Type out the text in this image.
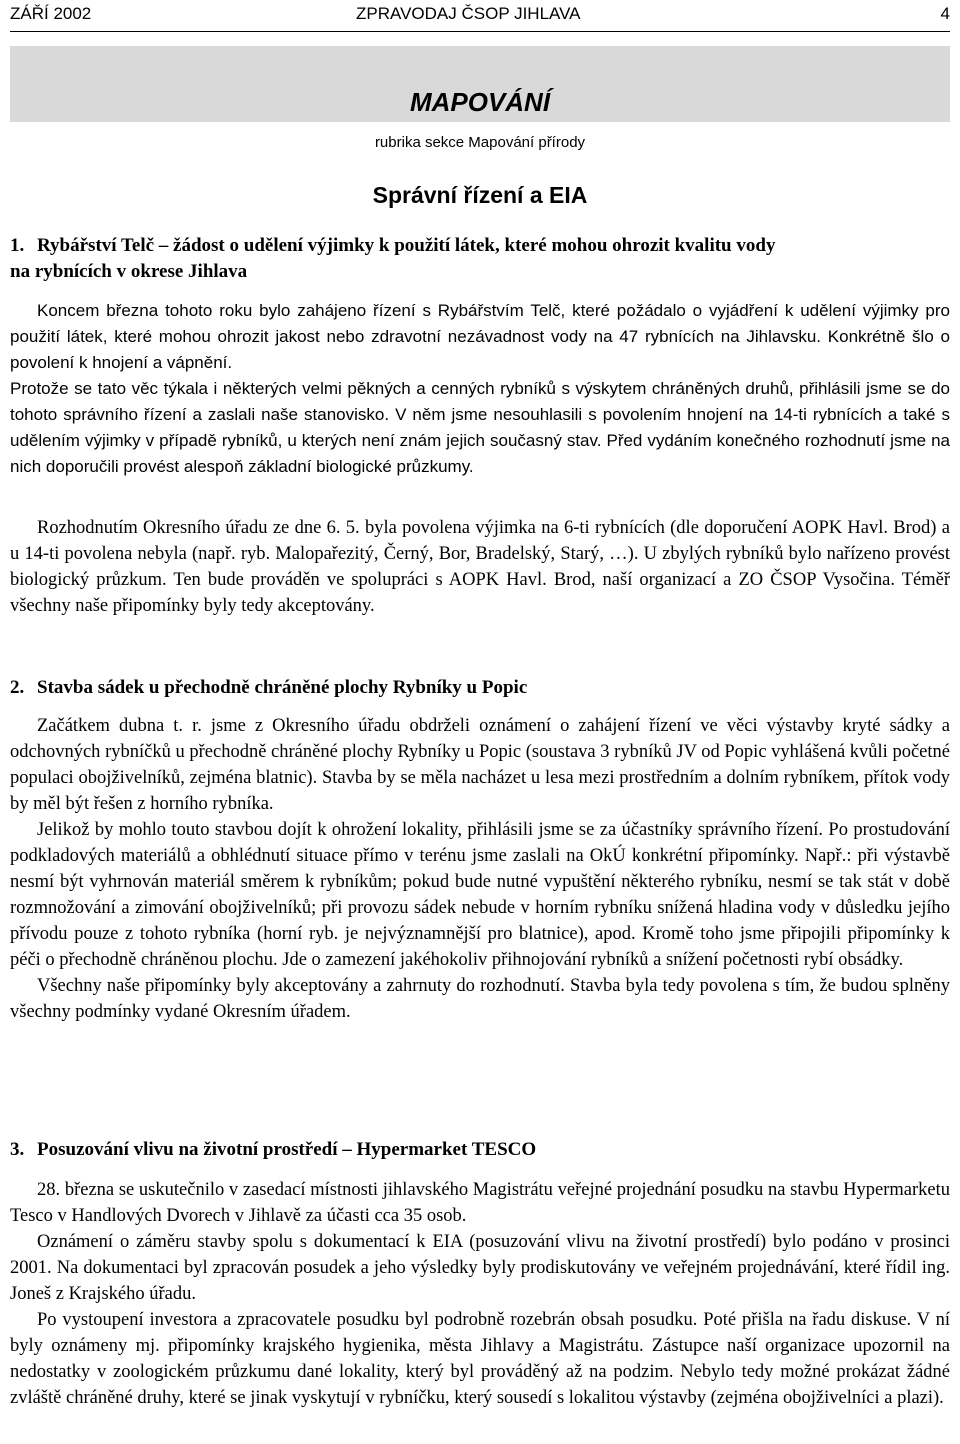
ZÁŘÍ 2002	ZPRAVODAJ ČSOP JIHLAVA	4
MAPOVÁNÍ
rubrika sekce Mapování přírody
Správní řízení a EIA
1. Rybářství Telč – žádost o udělení výjimky k použití látek, které mohou ohrozit kvalitu vody
na rybnících v okrese Jihlava

Koncem března tohoto roku bylo zahájeno řízení s Rybářstvím Telč, které požádalo o vyjádření k udělení výjimky pro použití látek, které mohou ohrozit jakost nebo zdravotní nezávadnost vody na 47 rybnících na Jihlavsku. Konkrétně šlo o povolení k hnojení a vápnění.

Protože se tato věc týkala i některých velmi pěkných a cenných rybníků s výskytem chráněných druhů, přihlásili jsme se do tohoto správního řízení a zaslali naše stanovisko. V něm jsme nesouhlasili s povolením hnojení na 14-ti rybnících a také s udělením výjimky v případě rybníků, u kterých není znám jejich současný stav. Před vydáním konečného rozhodnutí jsme na nich doporučili provést alespoň základní biologické průzkumy.

Rozhodnutím Okresního úřadu ze dne 6. 5. byla povolena výjimka na 6-ti rybnících (dle doporučení AOPK Havl. Brod) a u 14-ti povolena nebyla (např. ryb. Malopařezitý, Černý, Bor, Bradelský, Starý, …). U zbylých rybníků bylo nařízeno provést biologický průzkum. Ten bude prováděn ve spolupráci s AOPK Havl. Brod, naší organizací a ZO ČSOP Vysočina. Téměř všechny naše připomínky byly tedy akceptovány.

2. Stavba sádek u přechodně chráněné plochy Rybníky u Popic

Začátkem dubna t. r. jsme z Okresního úřadu obdrželi oznámení o zahájení řízení ve věci výstavby kryté sádky a odchovných rybníčků u přechodně chráněné plochy Rybníky u Popic (soustava 3 rybníků JV od Popic vyhlášená kvůli početné populaci obojživelníků, zejména blatnic). Stavba by se měla nacházet u lesa mezi prostředním a dolním rybníkem, přítok vody by měl být řešen z horního rybníka.

Jelikož by mohlo touto stavbou dojít k ohrožení lokality, přihlásili jsme se za účastníky správního řízení. Po prostudování podkladových materiálů a obhlédnutí situace přímo v terénu jsme zaslali na OkÚ konkrétní připomínky. Např.: při výstavbě nesmí být vyhrnován materiál směrem k rybníkům; pokud bude nutné vypuštění některého rybníku, nesmí se tak stát v době rozmnožování a zimování obojživelníků; při provozu sádek nebude v horním rybníku snížená hladina vody v důsledku jejího přívodu pouze z tohoto rybníka (horní ryb. je nejvýznamnější pro blatnice), apod. Kromě toho jsme připojili připomínky k péči o přechodně chráněnou plochu. Jde o zamezení jakéhokoliv přihnojování rybníků a snížení početnosti rybí obsádky.

Všechny naše připomínky byly akceptovány a zahrnuty do rozhodnutí. Stavba byla tedy povolena s tím, že budou splněny všechny podmínky vydané Okresním úřadem.

3. Posuzování vlivu na životní prostředí – Hypermarket TESCO

28. března se uskutečnilo v zasedací místnosti jihlavského Magistrátu veřejné projednání posudku na stavbu Hypermarketu Tesco v Handlových Dvorech v Jihlavě za účasti cca 35 osob.

Oznámení o záměru stavby spolu s dokumentací k EIA (posuzování vlivu na životní prostředí) bylo podáno v prosinci 2001. Na dokumentaci byl zpracován posudek a jeho výsledky byly prodiskutovány ve veřejném projednávání, které řídil ing. Joneš z Krajského úřadu.

Po vystoupení investora a zpracovatele posudku byl podrobně rozebrán obsah posudku. Poté přišla na řadu diskuse. V ní byly oznámeny mj. připomínky krajského hygienika, města Jihlavy a Magistrátu. Zástupce naší organizace upozornil na nedostatky v zoologickém průzkumu dané lokality, který byl prováděný až na podzim. Nebylo tedy možné prokázat žádné zvláště chráněné druhy, které se jinak vyskytují v rybníčku, který sousedí s lokalitou výstavby (zejména obojživelníci a plazi).
